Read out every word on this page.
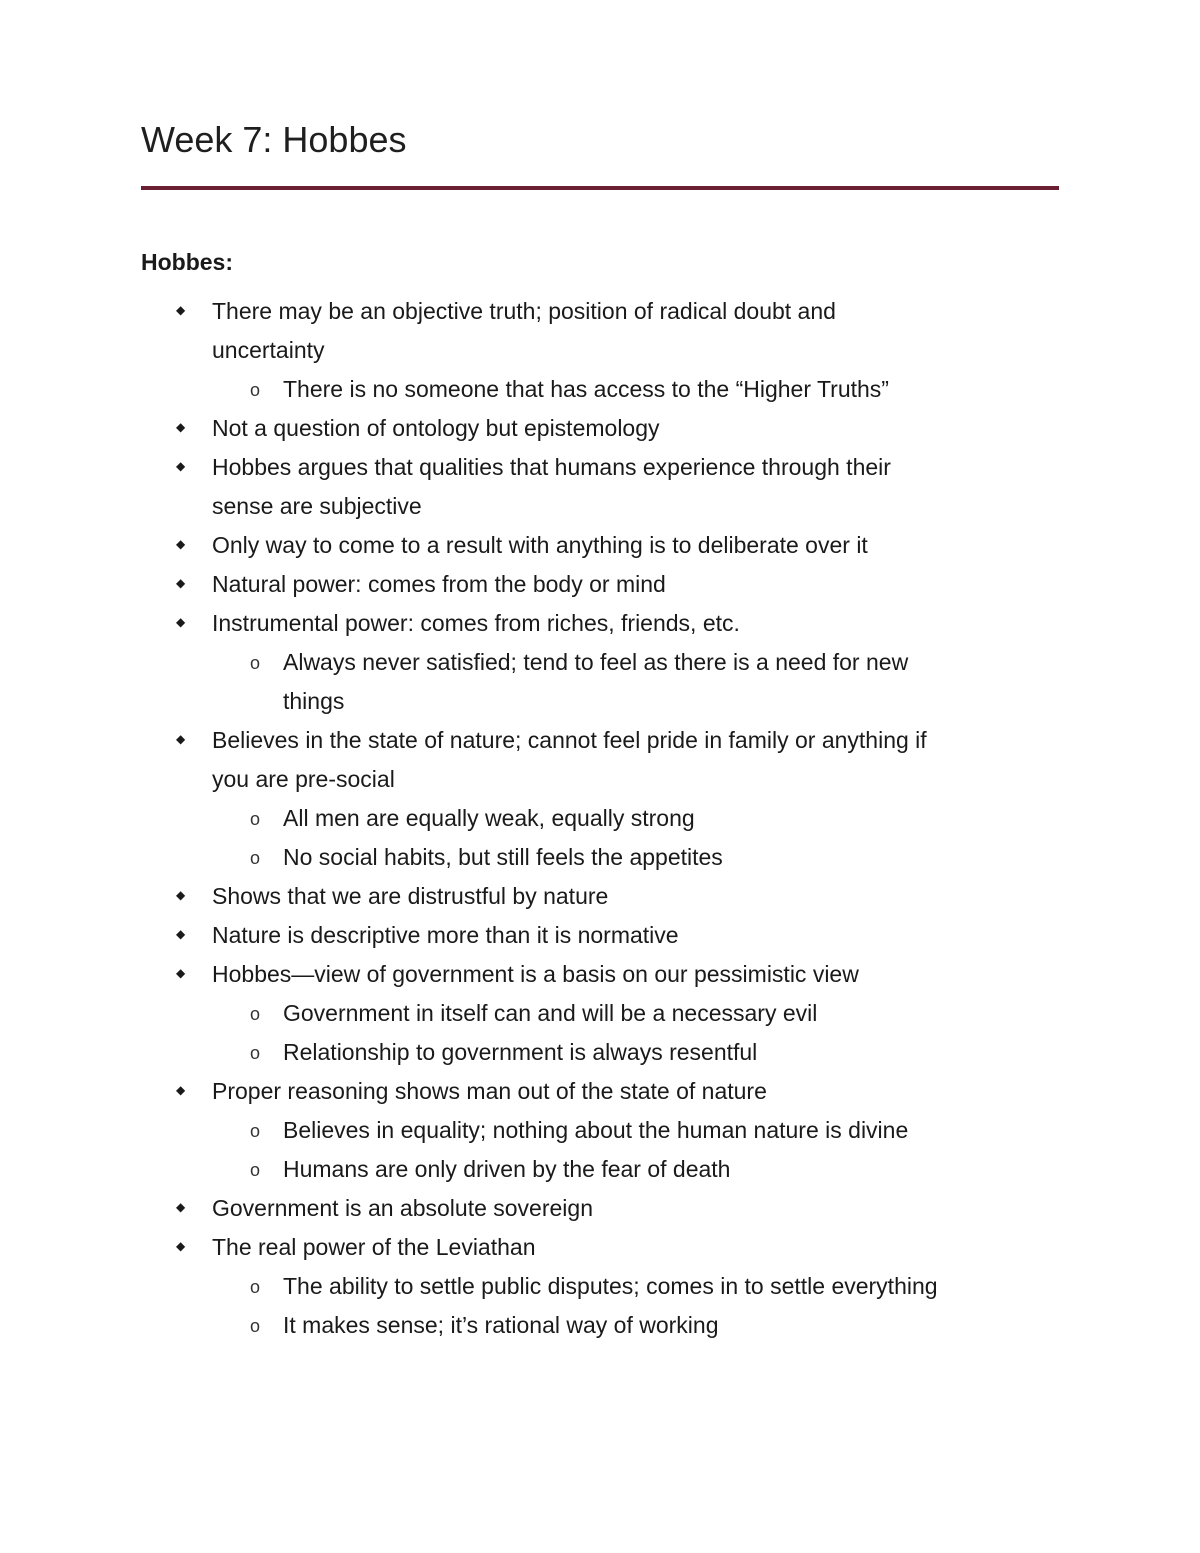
Week 7: Hobbes
Hobbes:
◆ There may be an objective truth; position of radical doubt and
uncertainty
o There is no someone that has access to the “Higher Truths”
◆ Not a question of ontology but epistemology
◆ Hobbes argues that qualities that humans experience through their
sense are subjective
◆ Only way to come to a result with anything is to deliberate over it
◆ Natural power: comes from the body or mind
◆ Instrumental power: comes from riches, friends, etc.
o Always never satisfied; tend to feel as there is a need for new
things
◆ Believes in the state of nature; cannot feel pride in family or anything if
you are pre-social
o All men are equally weak, equally strong
o No social habits, but still feels the appetites
◆ Shows that we are distrustful by nature
◆ Nature is descriptive more than it is normative
◆ Hobbes—view of government is a basis on our pessimistic view
o Government in itself can and will be a necessary evil
o Relationship to government is always resentful
◆ Proper reasoning shows man out of the state of nature
o Believes in equality; nothing about the human nature is divine
o Humans are only driven by the fear of death
◆ Government is an absolute sovereign
◆ The real power of the Leviathan
o The ability to settle public disputes; comes in to settle everything
o It makes sense; it’s rational way of working
